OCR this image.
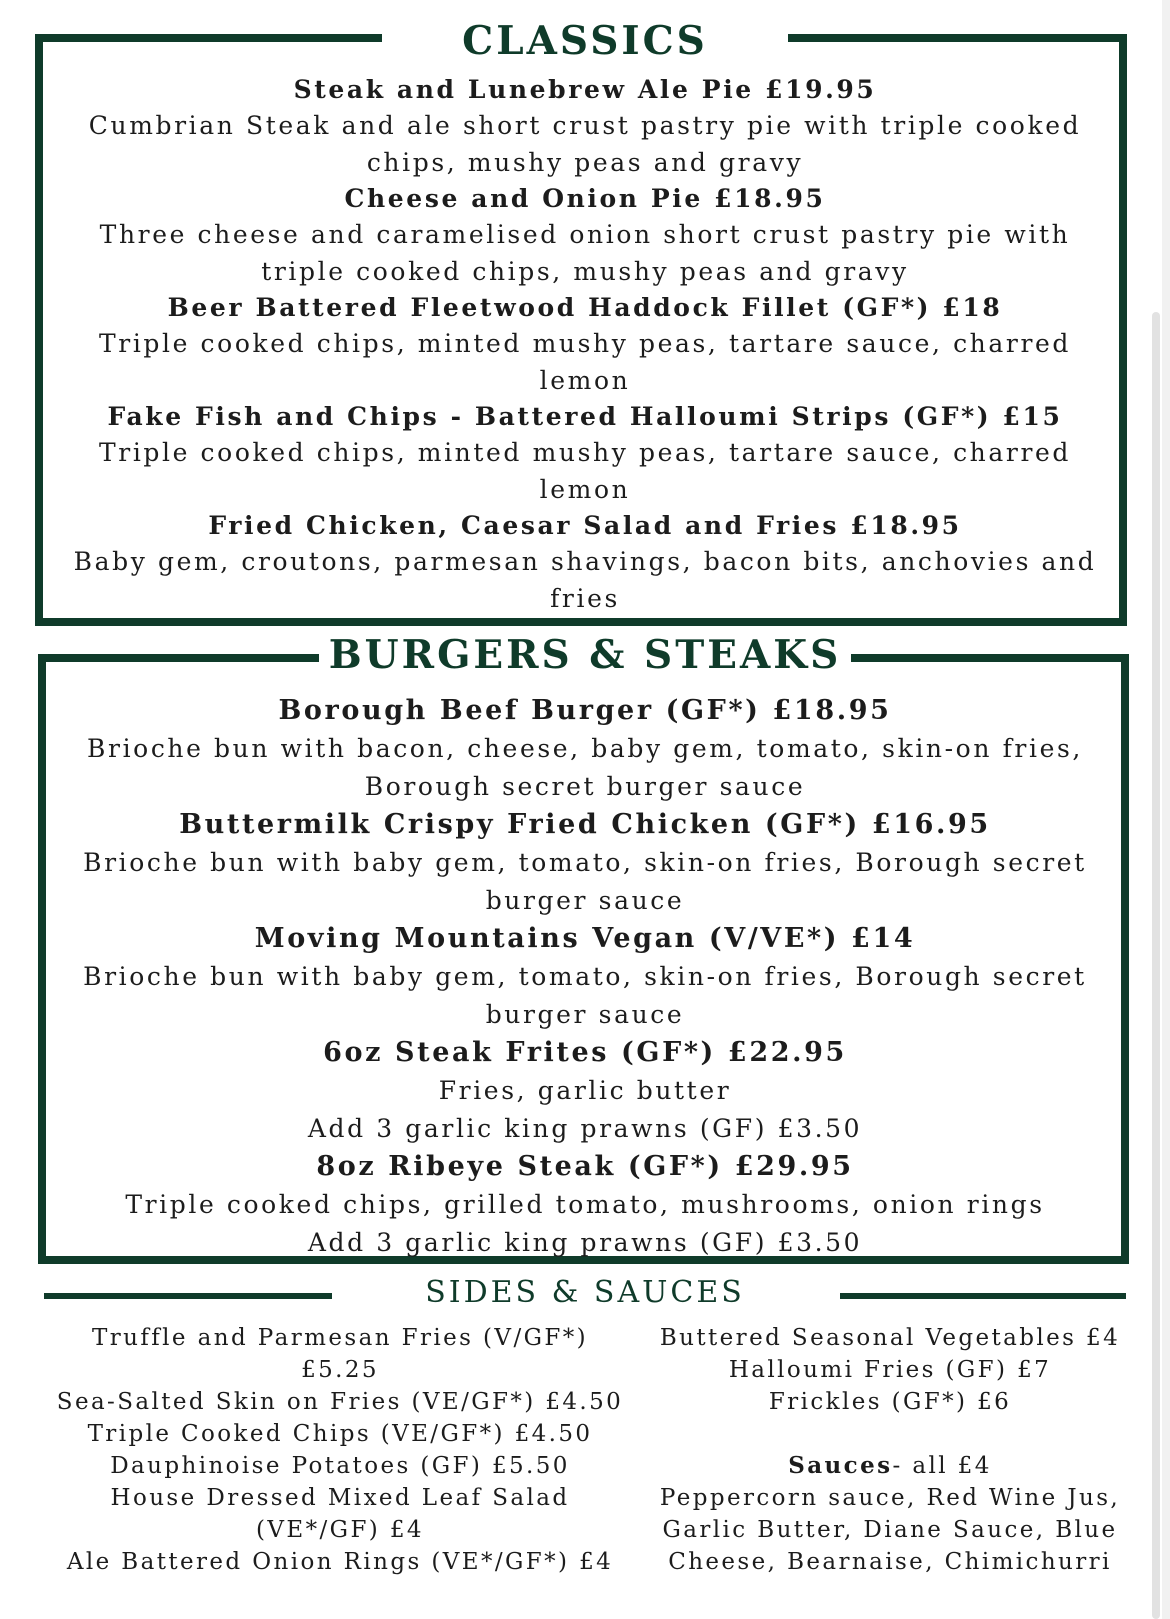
CLASSICS

Steak and Lunebrew Ale Pie £19.95

Cumbrian Steak and ale short crust pastry pie with triple cooked chips, mushy peas and gravy

Cheese and Onion Pie £18.95

Three cheese and caramelised onion short crust pastry pie with triple cooked chips, mushy peas and gravy

Beer Battered Fleetwood Haddock Fillet (GF*) £18

Triple cooked chips, minted mushy peas, tartare sauce, charred lemon

Fake Fish and Chips - Battered Halloumi Strips (GF*) £15

Triple cooked chips, minted mushy peas, tartare sauce, charred lemon

Fried Chicken, Caesar Salad and Fries £18.95

Baby gem, croutons, parmesan shavings, bacon bits, anchovies and fries

BURGERS & STEAKS

Borough Beef Burger (GF*) £18.95

Brioche bun with bacon, cheese, baby gem, tomato, skin-on fries, Borough secret burger sauce

Buttermilk Crispy Fried Chicken (GF*) £16.95

Brioche bun with baby gem, tomato, skin-on fries, Borough secret burger sauce

Moving Mountains Vegan (V/VE*) £14

Brioche bun with baby gem, tomato, skin-on fries, Borough secret burger sauce

6oz Steak Frites (GF*) £22.95

Fries, garlic butter

Add 3 garlic king prawns (GF) £3.50

8oz Ribeye Steak (GF*) £29.95

Triple cooked chips, grilled tomato, mushrooms, onion rings

Add 3 garlic king prawns (GF) £3.50

SIDES & SAUCES

Truffle and Parmesan Fries (V/GF*) £5.25

Sea-Salted Skin on Fries (VE/GF*) £4.50

Triple Cooked Chips (VE/GF*) £4.50

Dauphinoise Potatoes (GF) £5.50

House Dressed Mixed Leaf Salad (VE*/GF) £4

Ale Battered Onion Rings (VE*/GF*) £4

Buttered Seasonal Vegetables £4

Halloumi Fries (GF) £7

Frickles (GF*) £6

Sauces- all £4

Peppercorn sauce, Red Wine Jus, Garlic Butter, Diane Sauce, Blue Cheese, Bearnaise, Chimichurri
